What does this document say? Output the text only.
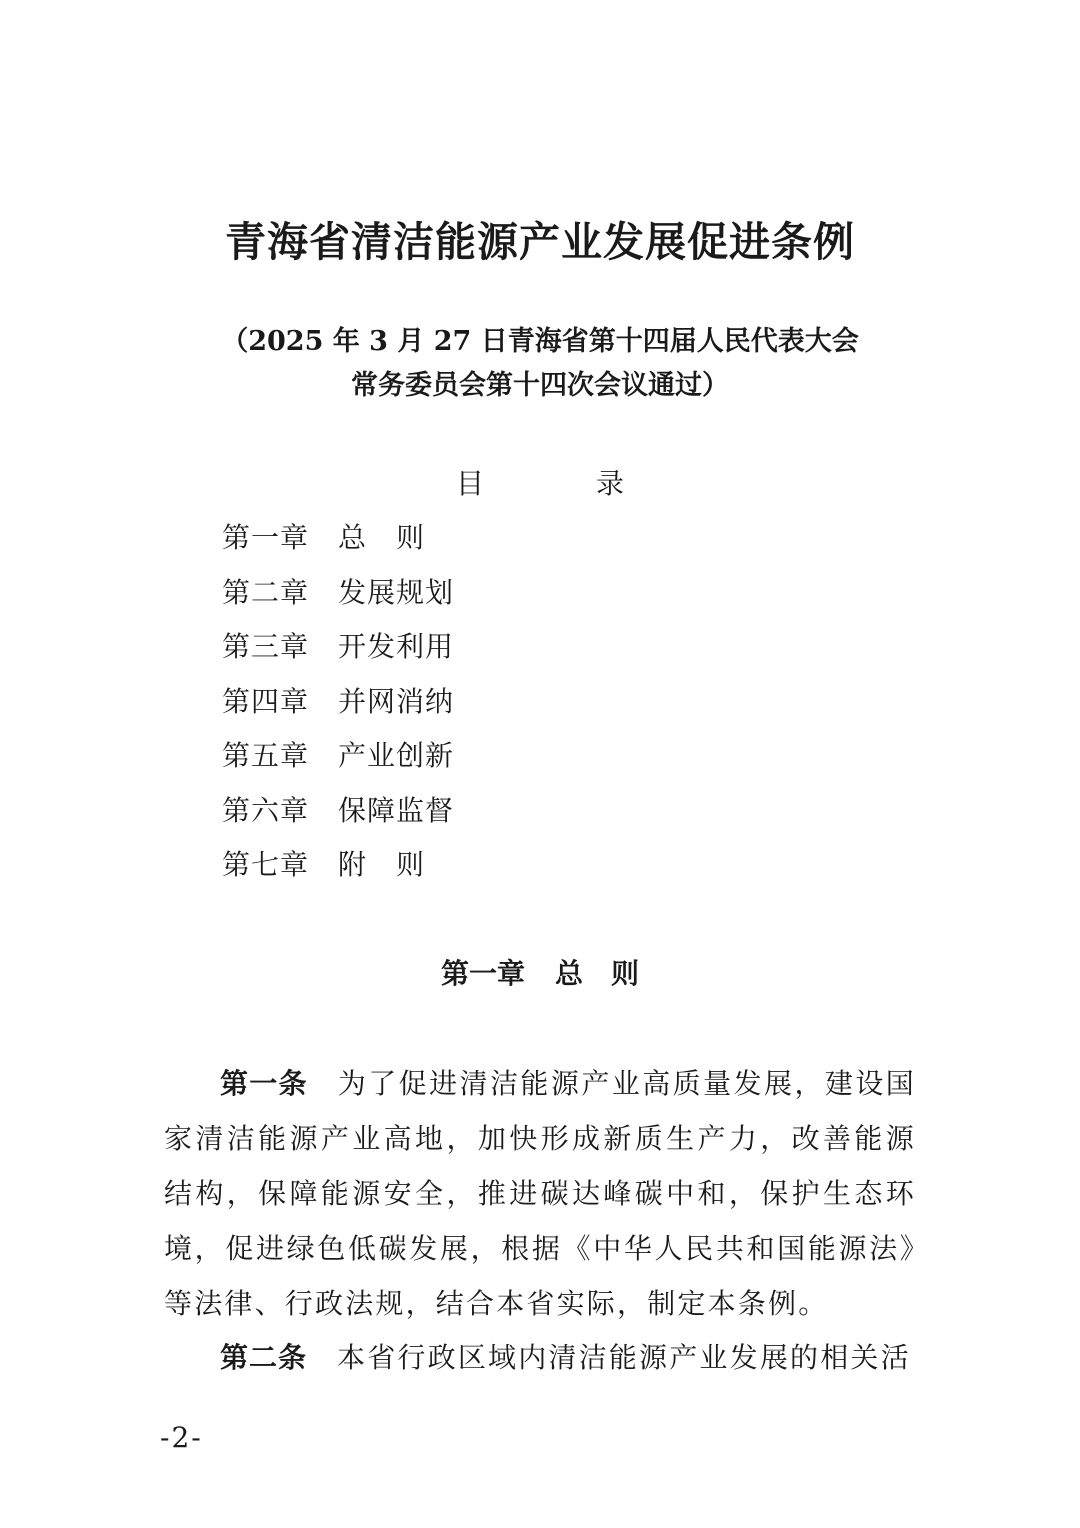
青海省清洁能源产业发展促进条例
（2025 年 3 月 27 日青海省第十四届人民代表大会
常务委员会第十四次会议通过）
目	录
第一章 总　则
第二章 发展规划
第三章 开发利用
第四章 并网消纳
第五章 产业创新
第六章 保障监督
第七章 附　则
第一章 总　则

第一条 为了促进清洁能源产业高质量发展，建设国家清洁能源产业高地，加快形成新质生产力，改善能源结构，保障能源安全，推进碳达峰碳中和，保护生态环境，促进绿色低碳发展，根据《中华人民共和国能源法》等法律、行政法规，结合本省实际，制定本条例。

第二条 本省行政区域内清洁能源产业发展的相关活

-2-
